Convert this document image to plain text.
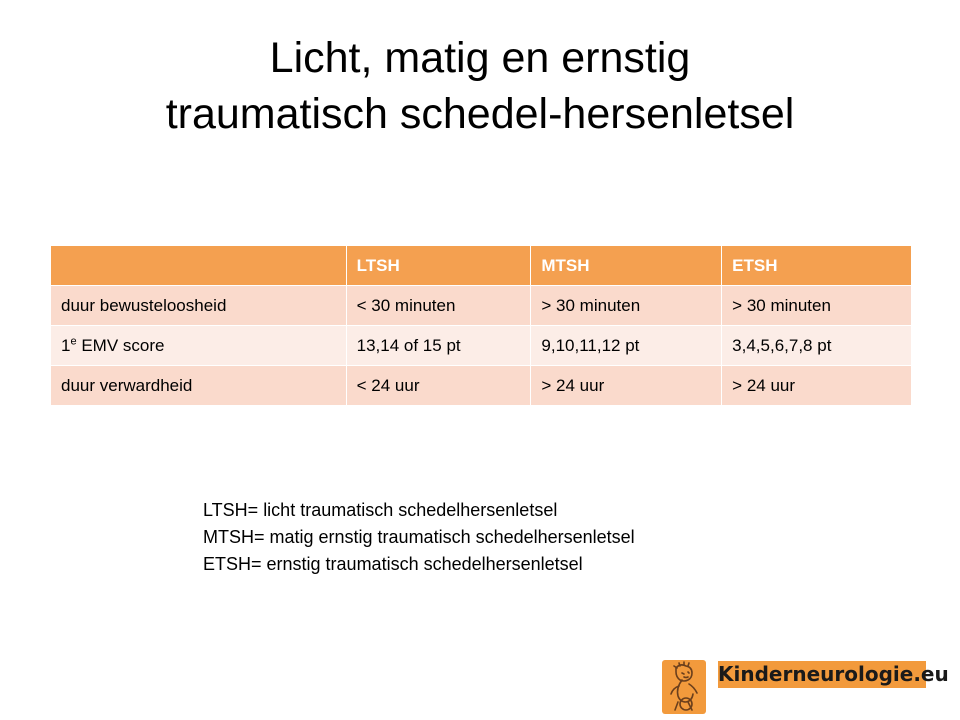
Licht, matig en ernstig
traumatisch schedel-hersenletsel
	LTSH	MTSH	ETSH
duur bewusteloosheid	< 30 minuten	> 30 minuten	> 30 minuten
1e EMV score	13,14 of 15 pt	9,10,11,12 pt	3,4,5,6,7,8 pt
duur verwardheid	< 24 uur	> 24 uur	> 24 uur
LTSH= licht traumatisch schedelhersenletsel
MTSH= matig ernstig traumatisch schedelhersenletsel
ETSH= ernstig traumatisch schedelhersenletsel
Kinderneurologie.eu
